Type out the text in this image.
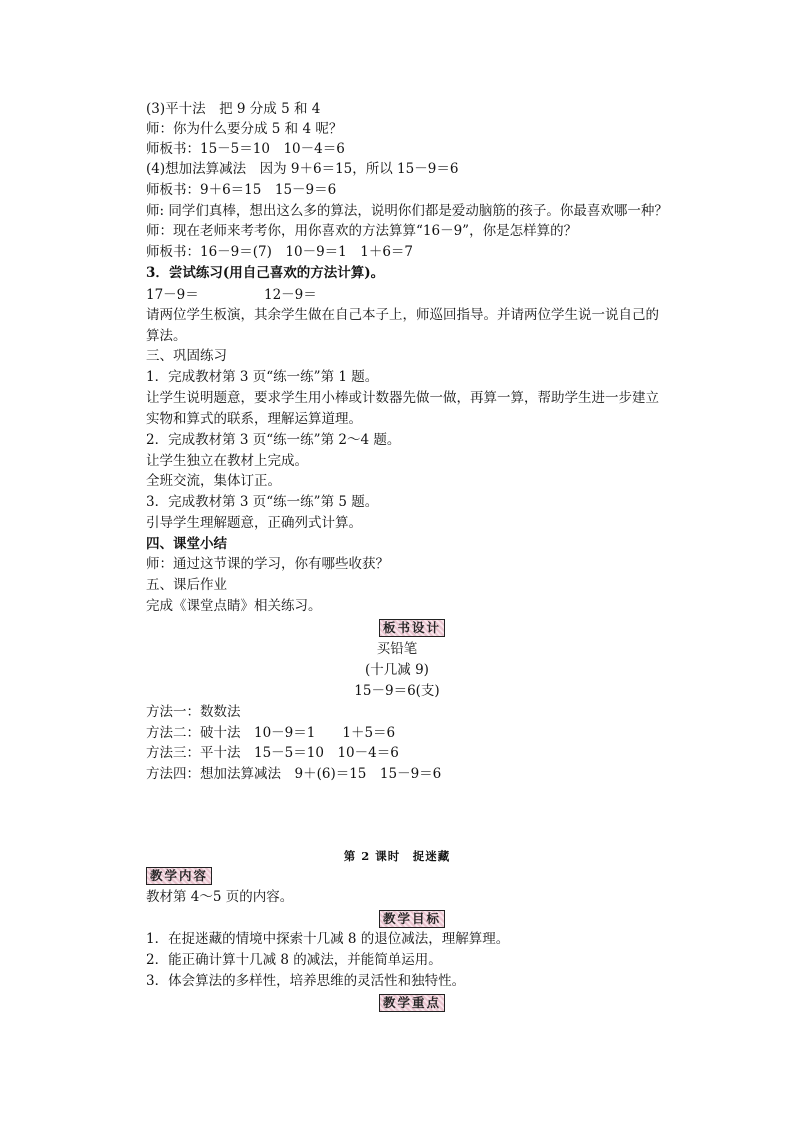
(3)平十法　把 9 分成 5 和 4
师：你为什么要分成 5 和 4 呢？
师板书：15－5＝10　10－4＝6
(4)想加法算减法　因为 9＋6＝15，所以 15－9＝6
师板书：9＋6＝15　15－9＝6
师: 同学们真棒，想出这么多的算法，说明你们都是爱动脑筋的孩子。你最喜欢哪一种？
师：现在老师来考考你，用你喜欢的方法算算“16－9”，你是怎样算的？
师板书：16－9＝(7)　10－9＝1　1＋6＝7
3．尝试练习(用自己喜欢的方法计算)。
17－9＝	12－9＝
请两位学生板演，其余学生做在自己本子上，师巡回指导。并请两位学生说一说自己的
算法。
三、巩固练习
1．完成教材第 3 页“练一练”第 1 题。
让学生说明题意，要求学生用小棒或计数器先做一做，再算一算，帮助学生进一步建立
实物和算式的联系，理解运算道理。
2．完成教材第 3 页“练一练”第 2～4 题。
让学生独立在教材上完成。
全班交流，集体订正。
3．完成教材第 3 页“练一练”第 5 题。
引导学生理解题意，正确列式计算。
四、课堂小结
师：通过这节课的学习，你有哪些收获？
五、课后作业
完成《课堂点睛》相关练习。
板书设计
买铅笔
(十几减 9)
15－9＝6(支)
方法一：数数法
方法二：破十法　10－9＝1　　1＋5＝6
方法三：平十法　15－5＝10　10－4＝6
方法四：想加法算减法　9＋(6)＝15　15－9＝6
第 2 课时　捉迷藏
教学内容
教材第 4～5 页的内容。
教学目标
1．在捉迷藏的情境中探索十几减 8 的退位减法，理解算理。
2．能正确计算十几减 8 的减法，并能简单运用。
3．体会算法的多样性，培养思维的灵活性和独特性。
教学重点
